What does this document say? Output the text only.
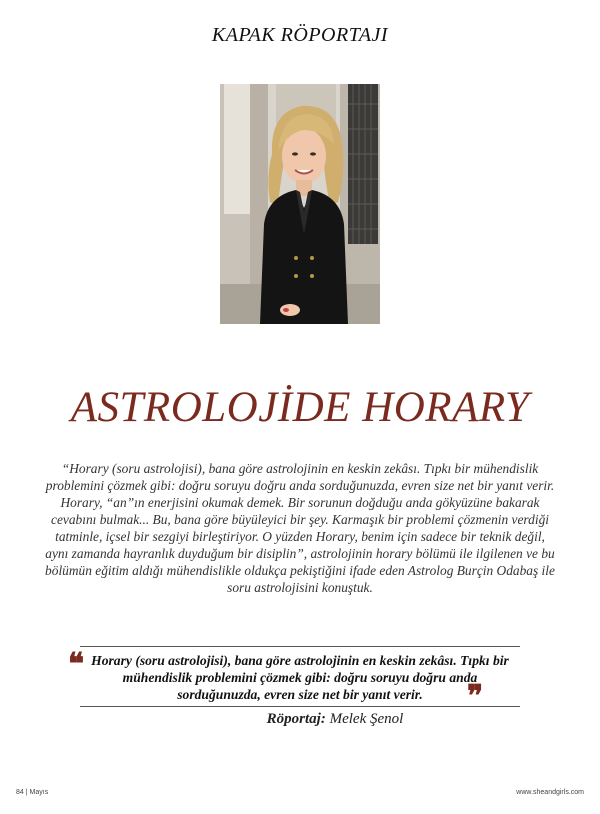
KAPAK RÖPORTAJI
ASTROLOJİDE HORARY
“Horary (soru astrolojisi), bana göre astrolojinin en keskin zekâsı. Tıpkı bir mühendislik problemini çözmek gibi: doğru soruyu doğru anda sorduğunuzda, evren size net bir yanıt verir. Horary, “an”ın enerjisini okumak demek. Bir sorunun doğduğu anda gökyüzüne bakarak cevabını bulmak... Bu, bana göre büyüleyici bir şey. Karmaşık bir problemi çözmenin verdiği tatminle, içsel bir sezgiyi birleştiriyor. O yüzden Horary, benim için sadece bir teknik değil, aynı zamanda hayranlık duyduğum bir disiplin”, astrolojinin horary bölümü ile ilgilenen ve bu bölümün eğitim aldığı mühendislikle oldukça pekiştiğini ifade eden Astrolog Burçin Odabaş ile soru astrolojisini konuştuk.
❝ Horary (soru astrolojisi), bana göre astrolojinin en keskin zekâsı. Tıpkı bir mühendislik problemini çözmek gibi: doğru soruyu doğru anda sorduğunuzda, evren size net bir yanıt verir.	❞
Röportaj: Melek Şenol
84 | Mayıs	www.sheandgirls.com
